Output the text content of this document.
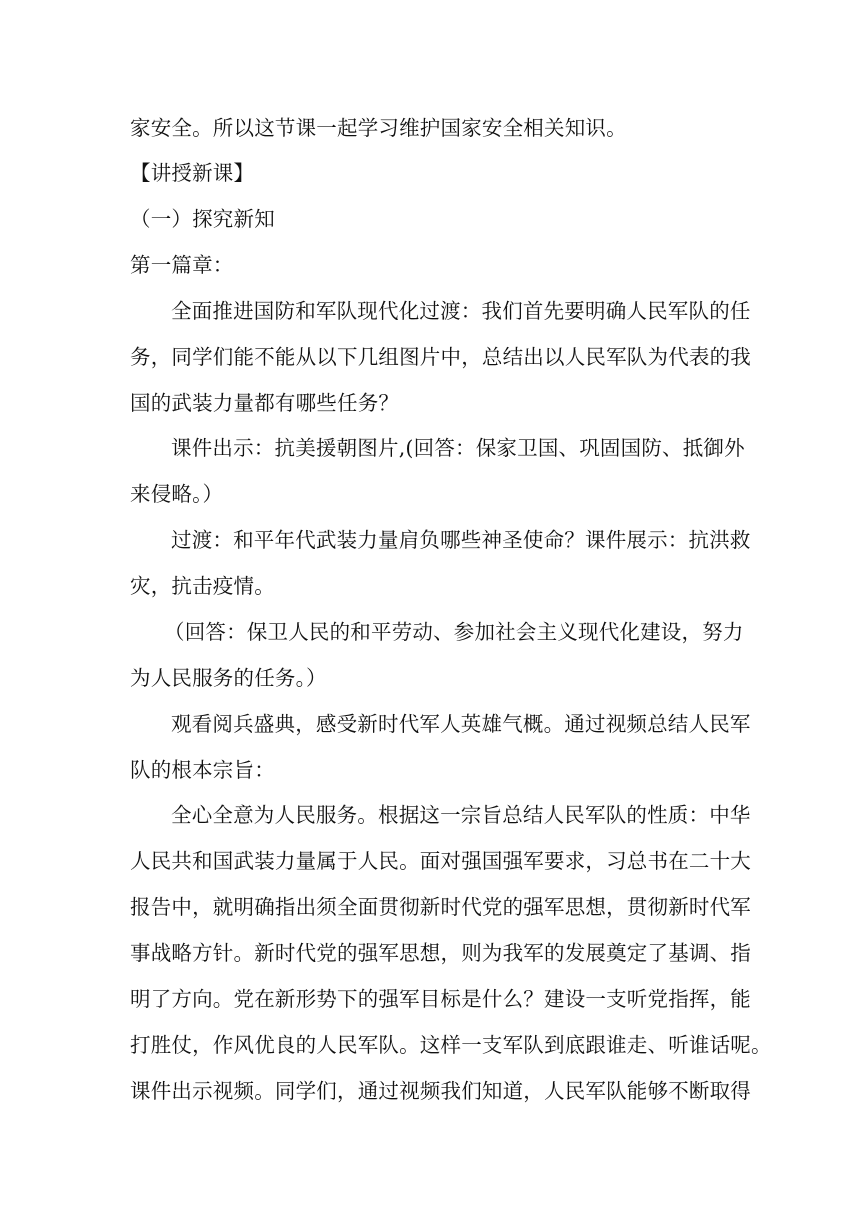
家安全。所以这节课一起学习维护国家安全相关知识。
【讲授新课】
（一）探究新知
第一篇章：
全面推进国防和军队现代化过渡：我们首先要明确人民军队的任
务，同学们能不能从以下几组图片中，总结出以人民军队为代表的我
国的武装力量都有哪些任务？
课件出示：抗美援朝图片,(回答：保家卫国、巩固国防、抵御外
来侵略。）
过渡：和平年代武装力量肩负哪些神圣使命？课件展示：抗洪救
灾，抗击疫情。
（回答：保卫人民的和平劳动、参加社会主义现代化建设，努力
为人民服务的任务。）
观看阅兵盛典，感受新时代军人英雄气概。通过视频总结人民军
队的根本宗旨：
全心全意为人民服务。根据这一宗旨总结人民军队的性质：中华
人民共和国武装力量属于人民。面对强国强军要求，习总书在二十大
报告中，就明确指出须全面贯彻新时代党的强军思想，贯彻新时代军
事战略方针。新时代党的强军思想，则为我军的发展奠定了基调、指
明了方向。党在新形势下的强军目标是什么？建设一支听党指挥，能
打胜仗，作风优良的人民军队。这样一支军队到底跟谁走、听谁话呢。
课件出示视频。同学们，通过视频我们知道，人民军队能够不断取得
